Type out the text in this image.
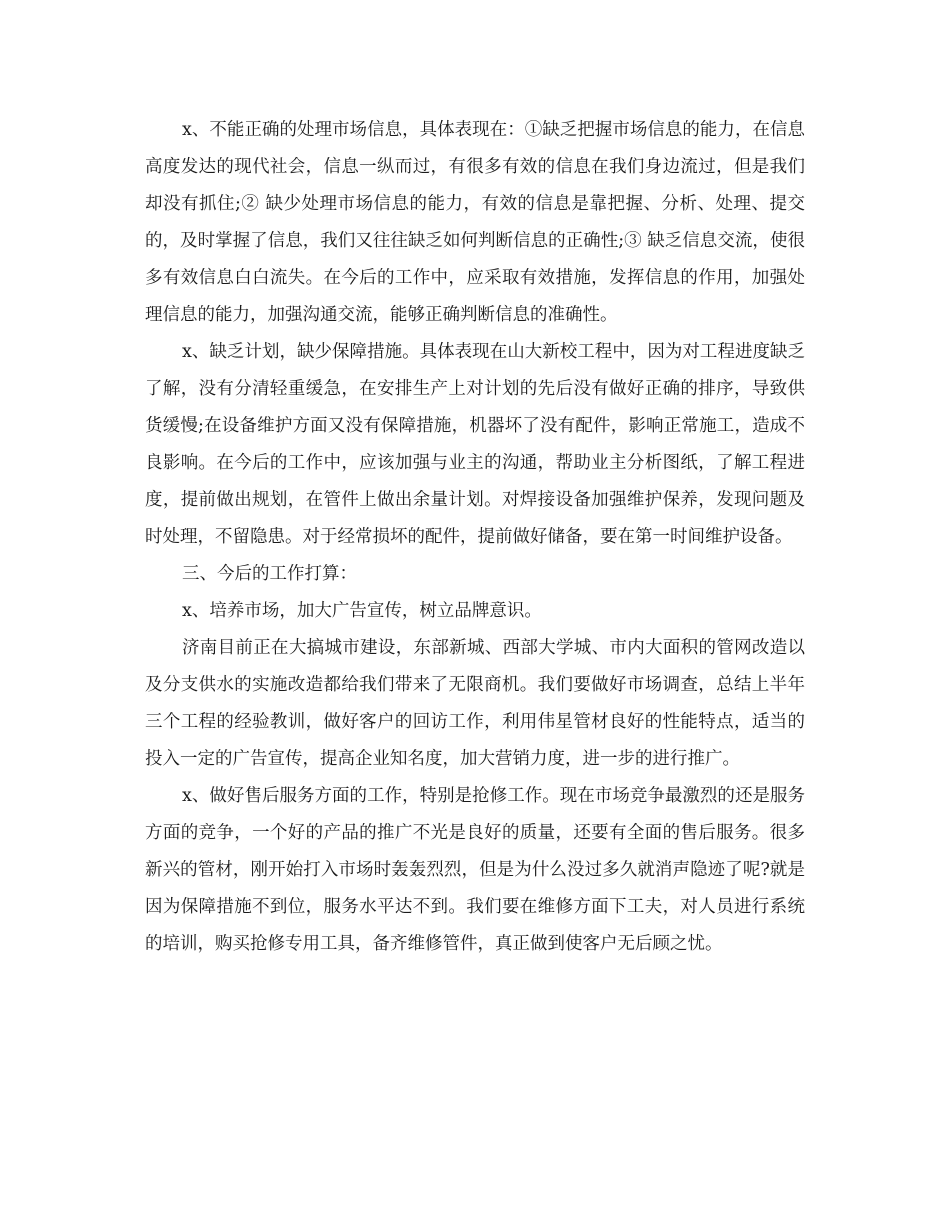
x、不能正确的处理市场信息，具体表现在：①缺乏把握市场信息的能力，在信息高度发达的现代社会，信息一纵而过，有很多有效的信息在我们身边流过，但是我们却没有抓住;② 缺少处理市场信息的能力，有效的信息是靠把握、分析、处理、提交的，及时掌握了信息，我们又往往缺乏如何判断信息的正确性;③ 缺乏信息交流，使很多有效信息白白流失。在今后的工作中，应采取有效措施，发挥信息的作用，加强处理信息的能力，加强沟通交流，能够正确判断信息的准确性。

x、缺乏计划，缺少保障措施。具体表现在山大新校工程中，因为对工程进度缺乏了解，没有分清轻重缓急，在安排生产上对计划的先后没有做好正确的排序，导致供货缓慢;在设备维护方面又没有保障措施，机器坏了没有配件，影响正常施工，造成不良影响。在今后的工作中，应该加强与业主的沟通，帮助业主分析图纸，了解工程进度，提前做出规划，在管件上做出余量计划。对焊接设备加强维护保养，发现问题及时处理，不留隐患。对于经常损坏的配件，提前做好储备，要在第一时间维护设备。

三、今后的工作打算：

x、培养市场，加大广告宣传，树立品牌意识。

济南目前正在大搞城市建设，东部新城、西部大学城、市内大面积的管网改造以及分支供水的实施改造都给我们带来了无限商机。我们要做好市场调查，总结上半年三个工程的经验教训，做好客户的回访工作，利用伟星管材良好的性能特点，适当的投入一定的广告宣传，提高企业知名度，加大营销力度，进一步的进行推广。

x、做好售后服务方面的工作，特别是抢修工作。现在市场竞争最激烈的还是服务方面的竞争，一个好的产品的推广不光是良好的质量，还要有全面的售后服务。很多新兴的管材，刚开始打入市场时轰轰烈烈，但是为什么没过多久就消声隐迹了呢?就是因为保障措施不到位，服务水平达不到。我们要在维修方面下工夫，对人员进行系统的培训，购买抢修专用工具，备齐维修管件，真正做到使客户无后顾之忧。
